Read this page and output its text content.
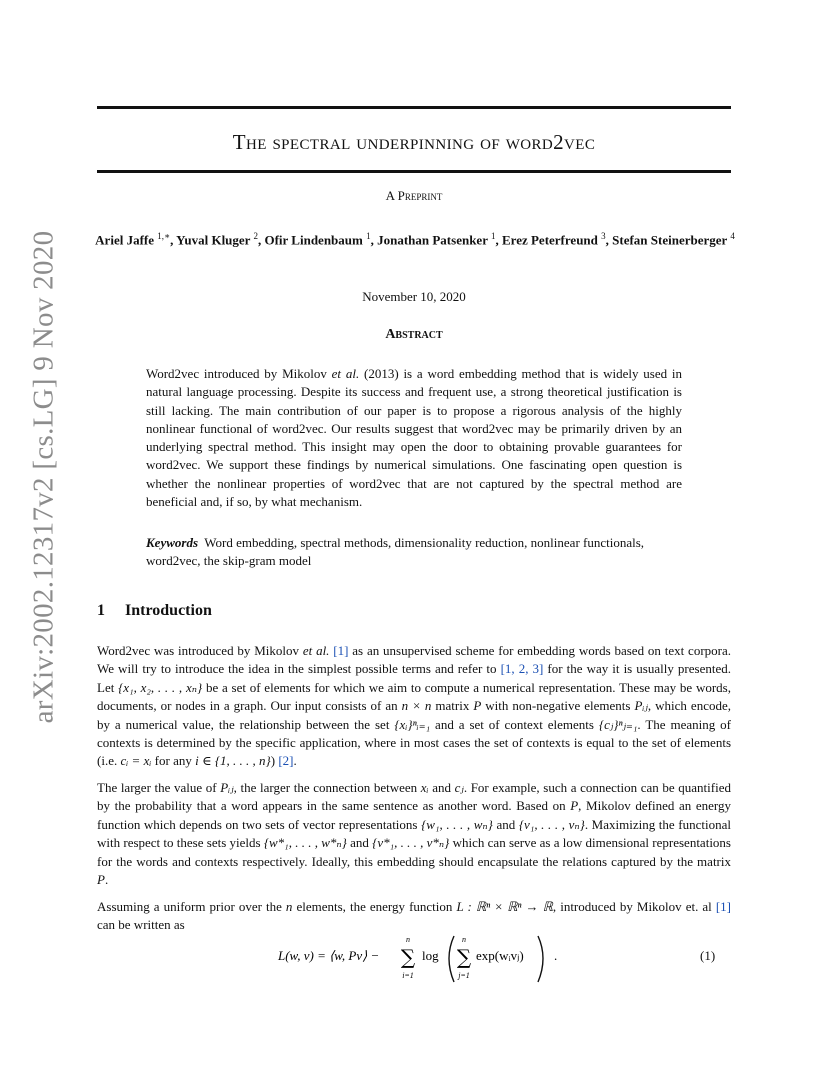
arXiv:2002.12317v2 [cs.LG] 9 Nov 2020
The spectral underpinning of word2vec
A Preprint
Ariel Jaffe $^{1,∗}$, Yuval Kluger $^2$, Ofir Lindenbaum $^1$, Jonathan Patsenker $^1$, Erez Peterfreund $^3$, Stefan Steinerberger $^4$
November 10, 2020
Abstract
Word2vec introduced by Mikolov et al. (2013) is a word embedding method that is widely used in natural language processing. Despite its success and frequent use, a strong theoretical justification is still lacking. The main contribution of our paper is to propose a rigorous analysis of the highly nonlinear functional of word2vec. Our results suggest that word2vec may be primarily driven by an underlying spectral method. This insight may open the door to obtaining provable guarantees for word2vec. We support these findings by numerical simulations. One fascinating open question is whether the nonlinear properties of word2vec that are not captured by the spectral method are beneficial and, if so, by what mechanism.
Keywords Word embedding, spectral methods, dimensionality reduction, nonlinear functionals, word2vec, the skip-gram model
1 Introduction
Word2vec was introduced by Mikolov et al. [1] as an unsupervised scheme for embedding words based on text corpora. We will try to introduce the idea in the simplest possible terms and refer to [1, 2, 3] for the way it is usually presented. Let {x₁, x₂, . . . , xₙ} be a set of elements for which we aim to compute a numerical representation. These may be words, documents, or nodes in a graph. Our input consists of an n × n matrix P with non-negative elements Pᵢⱼ, which encode, by a numerical value, the relationship between the set {xᵢ}ⁿᵢ₌₁ and a set of context elements {cⱼ}ⁿⱼ₌₁. The meaning of contexts is determined by the specific application, where in most cases the set of contexts is equal to the set of elements (i.e. cᵢ = xᵢ for any i ∈ {1, . . . , n}) [2].
The larger the value of Pᵢⱼ, the larger the connection between xᵢ and cⱼ. For example, such a connection can be quantified by the probability that a word appears in the same sentence as another word. Based on P, Mikolov defined an energy function which depends on two sets of vector representations {w₁, . . . , wₙ} and {v₁, . . . , vₙ}. Maximizing the functional with respect to these sets yields {w*₁, . . . , w*ₙ} and {v*₁, . . . , v*ₙ} which can serve as a low dimensional representations for the words and contexts respectively. Ideally, this embedding should encapsulate the relations captured by the matrix P.
Assuming a uniform prior over the n elements, the energy function L : ℝⁿ × ℝⁿ → ℝ, introduced by Mikolov et. al [1] can be written as
L(w, v) = ⟨w, Pv⟩ −
n
∑
i=1
log
n
∑
j=1
exp(wᵢvⱼ) .	(1)
